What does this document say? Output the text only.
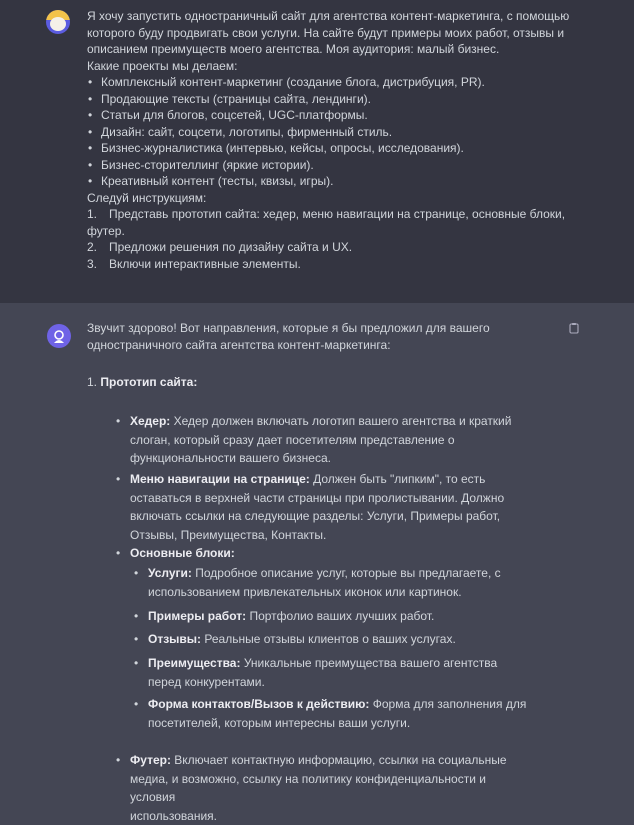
Я хочу запустить одностраничный сайт для агентства контент-маркетинга, с помощью
которого буду продвигать свои услуги. На сайте будут примеры моих работ, отзывы и
описанием преимуществ моего агентства. Моя аудитория: малый бизнес.
Какие проекты мы делаем:
• Комплексный контент-маркетинг (создание блога, дистрибуция, PR).
• Продающие тексты (страницы сайта, лендинги).
• Статьи для блогов, соцсетей, UGC-платформы.
• Дизайн: сайт, соцсети, логотипы, фирменный стиль.
• Бизнес-журналистика (интервью, кейсы, опросы, исследования).
• Бизнес-сторителлинг (яркие истории).
• Креативный контент (тесты, квизы, игры).
Следуй инструкциям:
1. Представь прототип сайта: хедер, меню навигации на странице, основные блоки,
футер.
2. Предложи решения по дизайну сайта и UX.
3. Включи интерактивные элементы.
Звучит здорово! Вот направления, которые я бы предложил для вашего
одностраничного сайта агентства контент-маркетинга:
1. Прототип сайта:
• Хедер: Хедер должен включать логотип вашего агентства и краткий
слоган, который сразу дает посетителям представление о
функциональности вашего бизнеса.
• Меню навигации на странице: Должен быть "липким", то есть
оставаться в верхней части страницы при пролистывании. Должно
включать ссылки на следующие разделы: Услуги, Примеры работ,
Отзывы, Преимущества, Контакты.
• Основные блоки:
• Услуги: Подробное описание услуг, которые вы предлагаете, с
использованием привлекательных иконок или картинок.
• Примеры работ: Портфолио ваших лучших работ.
• Отзывы: Реальные отзывы клиентов о ваших услугах.
• Преимущества: Уникальные преимущества вашего агентства
перед конкурентами.
• Форма контактов/Вызов к действию: Форма для заполнения для
посетителей, которым интересны ваши услуги.
• Футер: Включает контактную информацию, ссылки на социальные
медиа, и возможно, ссылку на политику конфиденциальности и условия
использования.
